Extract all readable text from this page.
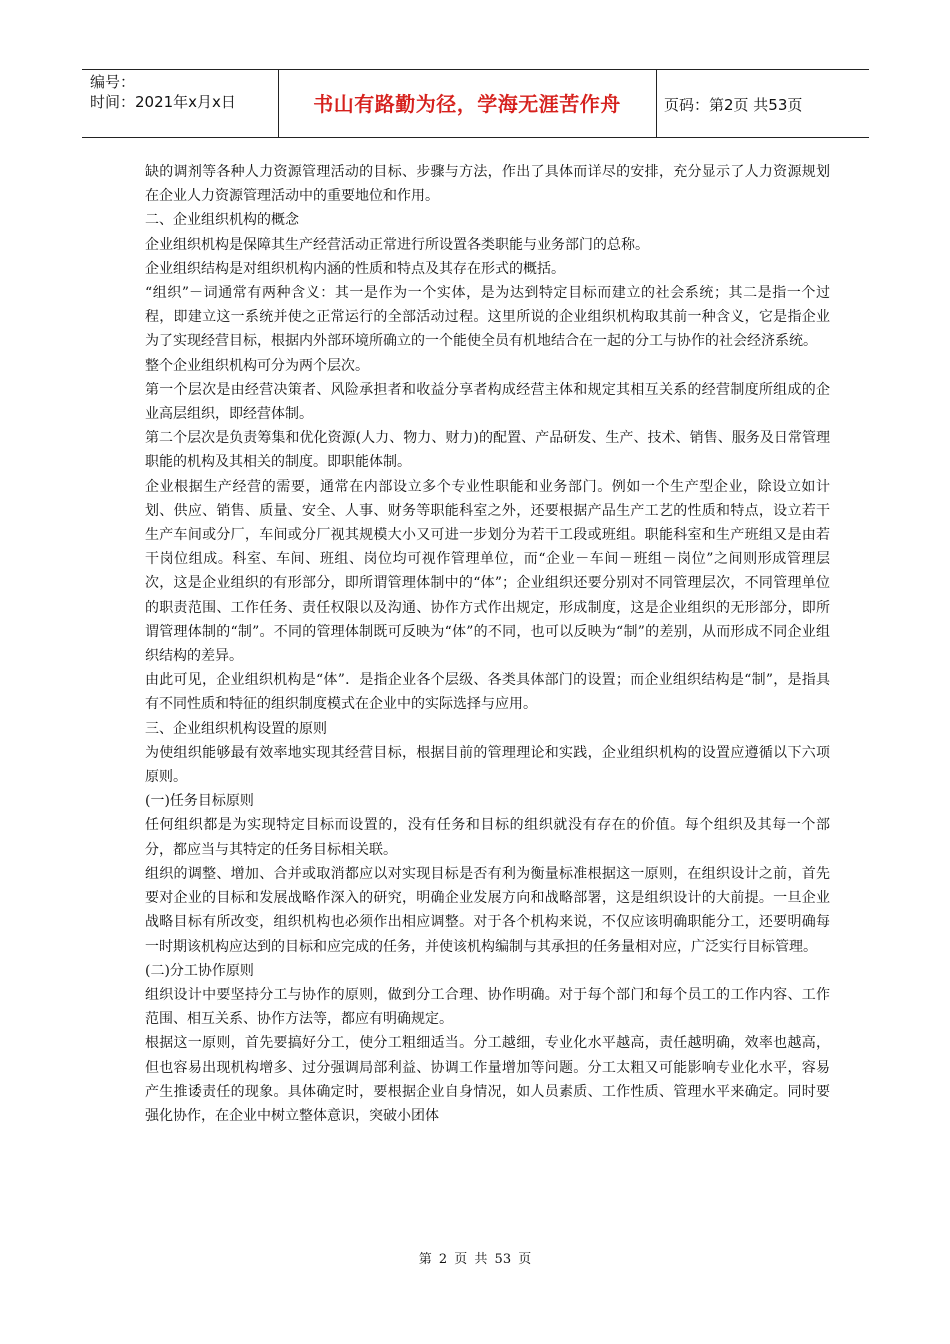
编号：
时间：2021年x月x日	书山有路勤为径，学海无涯苦作舟	页码：第2页 共53页

缺的调剂等各种人力资源管理活动的目标、步骤与方法，作出了具体而详尽的安排，充分显示了人力资源规划在企业人力资源管理活动中的重要地位和作用。

二、企业组织机构的概念

企业组织机构是保障其生产经营活动正常进行所设置各类职能与业务部门的总称。

企业组织结构是对组织机构内涵的性质和特点及其存在形式的概括。

“组织”－词通常有两种含义：其一是作为一个实体，是为达到特定目标而建立的社会系统；其二是指一个过程，即建立这一系统并使之正常运行的全部活动过程。这里所说的企业组织机构取其前一种含义，它是指企业为了实现经营目标，根据内外部环境所确立的一个能使全员有机地结合在一起的分工与协作的社会经济系统。

整个企业组织机构可分为两个层次。

第一个层次是由经营决策者、风险承担者和收益分享者构成经营主体和规定其相互关系的经营制度所组成的企业高层组织，即经营体制。

第二个层次是负责筹集和优化资源(人力、物力、财力)的配置、产品研发、生产、技术、销售、服务及日常管理职能的机构及其相关的制度。即职能体制。

企业根据生产经营的需要，通常在内部设立多个专业性职能和业务部门。例如一个生产型企业，除设立如计划、供应、销售、质量、安全、人事、财务等职能科室之外，还要根据产品生产工艺的性质和特点，设立若干生产车间或分厂，车间或分厂视其规模大小又可进一步划分为若干工段或班组。职能科室和生产班组又是由若干岗位组成。科室、车间、班组、岗位均可视作管理单位，而“企业－车间－班组－岗位”之间则形成管理层次，这是企业组织的有形部分，即所谓管理体制中的“体”；企业组织还要分别对不同管理层次，不同管理单位的职责范围、工作任务、责任权限以及沟通、协作方式作出规定，形成制度，这是企业组织的无形部分，即所谓管理体制的“制”。不同的管理体制既可反映为“体”的不同，也可以反映为“制”的差别，从而形成不同企业组织结构的差异。

由此可见，企业组织机构是“体”．是指企业各个层级、各类具体部门的设置；而企业组织结构是“制”，是指具有不同性质和特征的组织制度模式在企业中的实际选择与应用。

三、企业组织机构设置的原则

为使组织能够最有效率地实现其经营目标，根据目前的管理理论和实践，企业组织机构的设置应遵循以下六项原则。

(一)任务目标原则

任何组织都是为实现特定目标而设置的，没有任务和目标的组织就没有存在的价值。每个组织及其每一个部分，都应当与其特定的任务目标相关联。

组织的调整、增加、合并或取消都应以对实现目标是否有利为衡量标准根据这一原则，在组织设计之前，首先要对企业的目标和发展战略作深入的研究，明确企业发展方向和战略部署，这是组织设计的大前提。一旦企业战略目标有所改变，组织机构也必须作出相应调整。对于各个机构来说，不仅应该明确职能分工，还要明确每一时期该机构应达到的目标和应完成的任务，并使该机构编制与其承担的任务量相对应，广泛实行目标管理。

(二)分工协作原则

组织设计中要坚持分工与协作的原则，做到分工合理、协作明确。对于每个部门和每个员工的工作内容、工作范围、相互关系、协作方法等，都应有明确规定。

根据这一原则，首先要搞好分工，使分工粗细适当。分工越细，专业化水平越高，责任越明确，效率也越高，但也容易出现机构增多、过分强调局部利益、协调工作量增加等问题。分工太粗又可能影响专业化水平，容易产生推诿责任的现象。具体确定时，要根据企业自身情况，如人员素质、工作性质、管理水平来确定。同时要强化协作，在企业中树立整体意识，突破小团体

第 2 页 共 53 页
